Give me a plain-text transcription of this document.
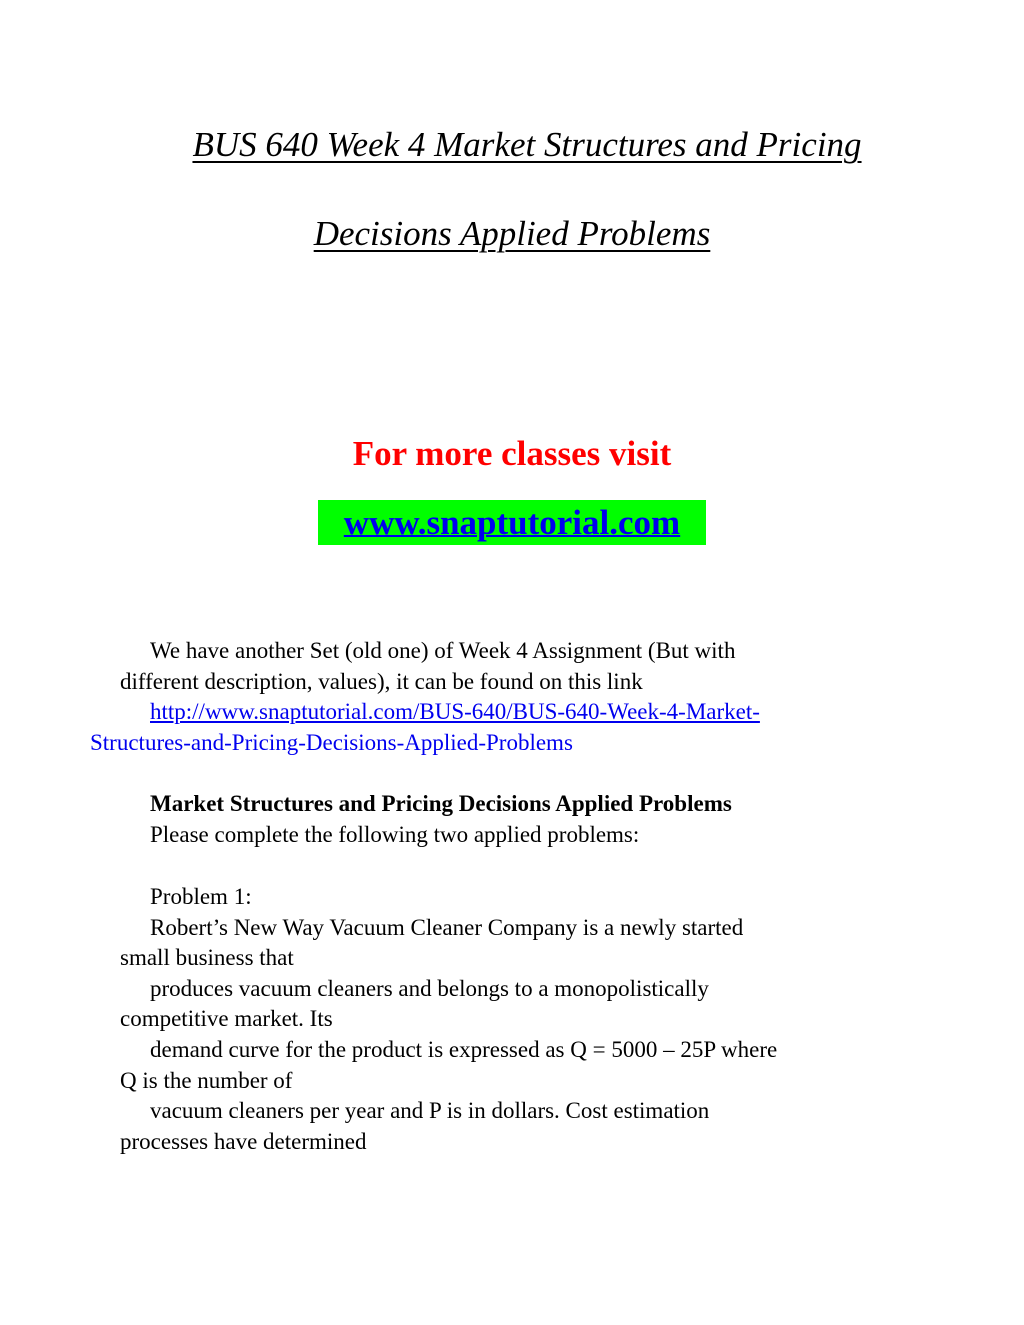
BUS 640 Week 4 Market Structures and Pricing
Decisions Applied Problems
For more classes visit
www.snaptutorial.com

We have another Set (old one) of Week 4 Assignment (But with

different description, values), it can be found on this link

http://www.snaptutorial.com/BUS-640/BUS-640-Week-4-Market-
Structures-and-Pricing-Decisions-Applied-Problems

Market Structures and Pricing Decisions Applied Problems

Please complete the following two applied problems:

Problem 1:

Robert’s New Way Vacuum Cleaner Company is a newly started

small business that

produces vacuum cleaners and belongs to a monopolistically

competitive market. Its

demand curve for the product is expressed as Q = 5000 – 25P where

Q is the number of

vacuum cleaners per year and P is in dollars. Cost estimation

processes have determined
